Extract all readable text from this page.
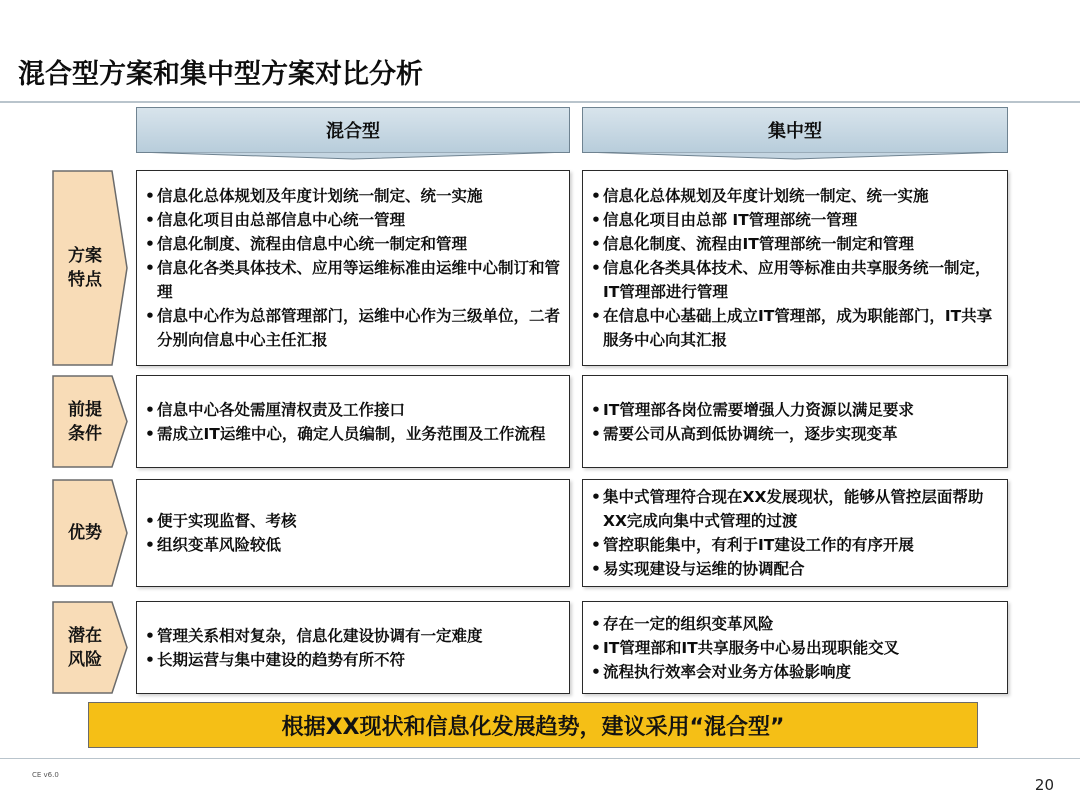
混合型方案和集中型方案对比分析
混合型	集中型
方案
特点
• 信息化总体规划及年度计划统一制定、统一实施
• 信息化项目由总部信息中心统一管理
• 信息化制度、流程由信息中心统一制定和管理
• 信息化各类具体技术、应用等运维标准由运维中心制订和管理
• 信息中心作为总部管理部门，运维中心作为三级单位，二者分别向信息中心主任汇报
• 信息化总体规划及年度计划统一制定、统一实施
• 信息化项目由总部 IT管理部统一管理
• 信息化制度、流程由IT管理部统一制定和管理
• 信息化各类具体技术、应用等标准由共享服务统一制定，IT管理部进行管理
• 在信息中心基础上成立IT管理部，成为职能部门，IT共享服务中心向其汇报
前提
条件
• 信息中心各处需厘清权责及工作接口
• 需成立IT运维中心，确定人员编制，业务范围及工作流程
• IT管理部各岗位需要增强人力资源以满足要求
• 需要公司从高到低协调统一，逐步实现变革
优势
• 便于实现监督、考核
• 组织变革风险较低
• 集中式管理符合现在XX发展现状，能够从管控层面帮助XX完成向集中式管理的过渡
• 管控职能集中，有利于IT建设工作的有序开展
• 易实现建设与运维的协调配合
潜在
风险
• 管理关系相对复杂，信息化建设协调有一定难度
• 长期运营与集中建设的趋势有所不符
• 存在一定的组织变革风险
• IT管理部和IT共享服务中心易出现职能交叉
• 流程执行效率会对业务方体验影响度
根据XX现状和信息化发展趋势，建议采用“混合型”
CE v6.0
20
